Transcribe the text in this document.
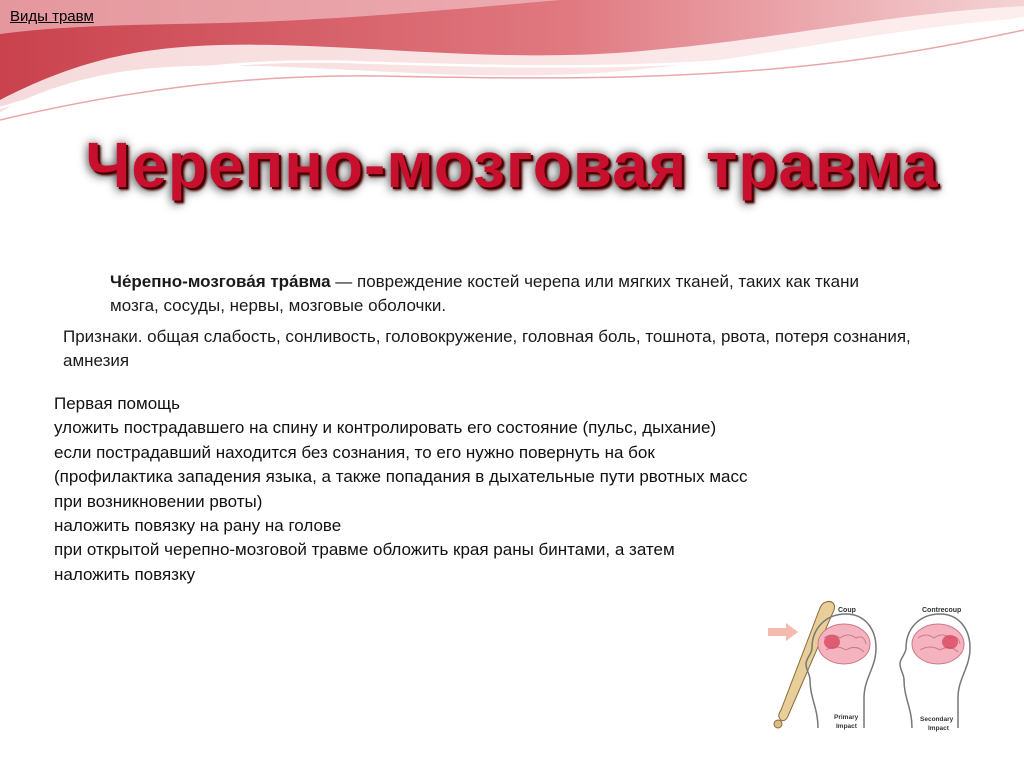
Виды травм
Черепно-мозговая травма
Че́репно-мозгова́я тра́вма — повреждение костей черепа или мягких тканей, таких как ткани мозга, сосуды, нервы, мозговые оболочки.
Признаки. общая слабость, сонливость, головокружение, головная боль, тошнота, рвота, потеря сознания, амнезия
Первая помощь
уложить пострадавшего на спину и контролировать его состояние (пульс, дыхание)
если пострадавший находится без сознания, то его нужно повернуть на бок
(профилактика западения языка, а также попадания в дыхательные пути рвотных масс
при возникновении рвоты)
наложить повязку на рану на голове
при открытой черепно-мозговой травме обложить края раны бинтами, а затем
наложить повязку
Coup	Contrecoup
Primary
Impact
Secondary
Impact
